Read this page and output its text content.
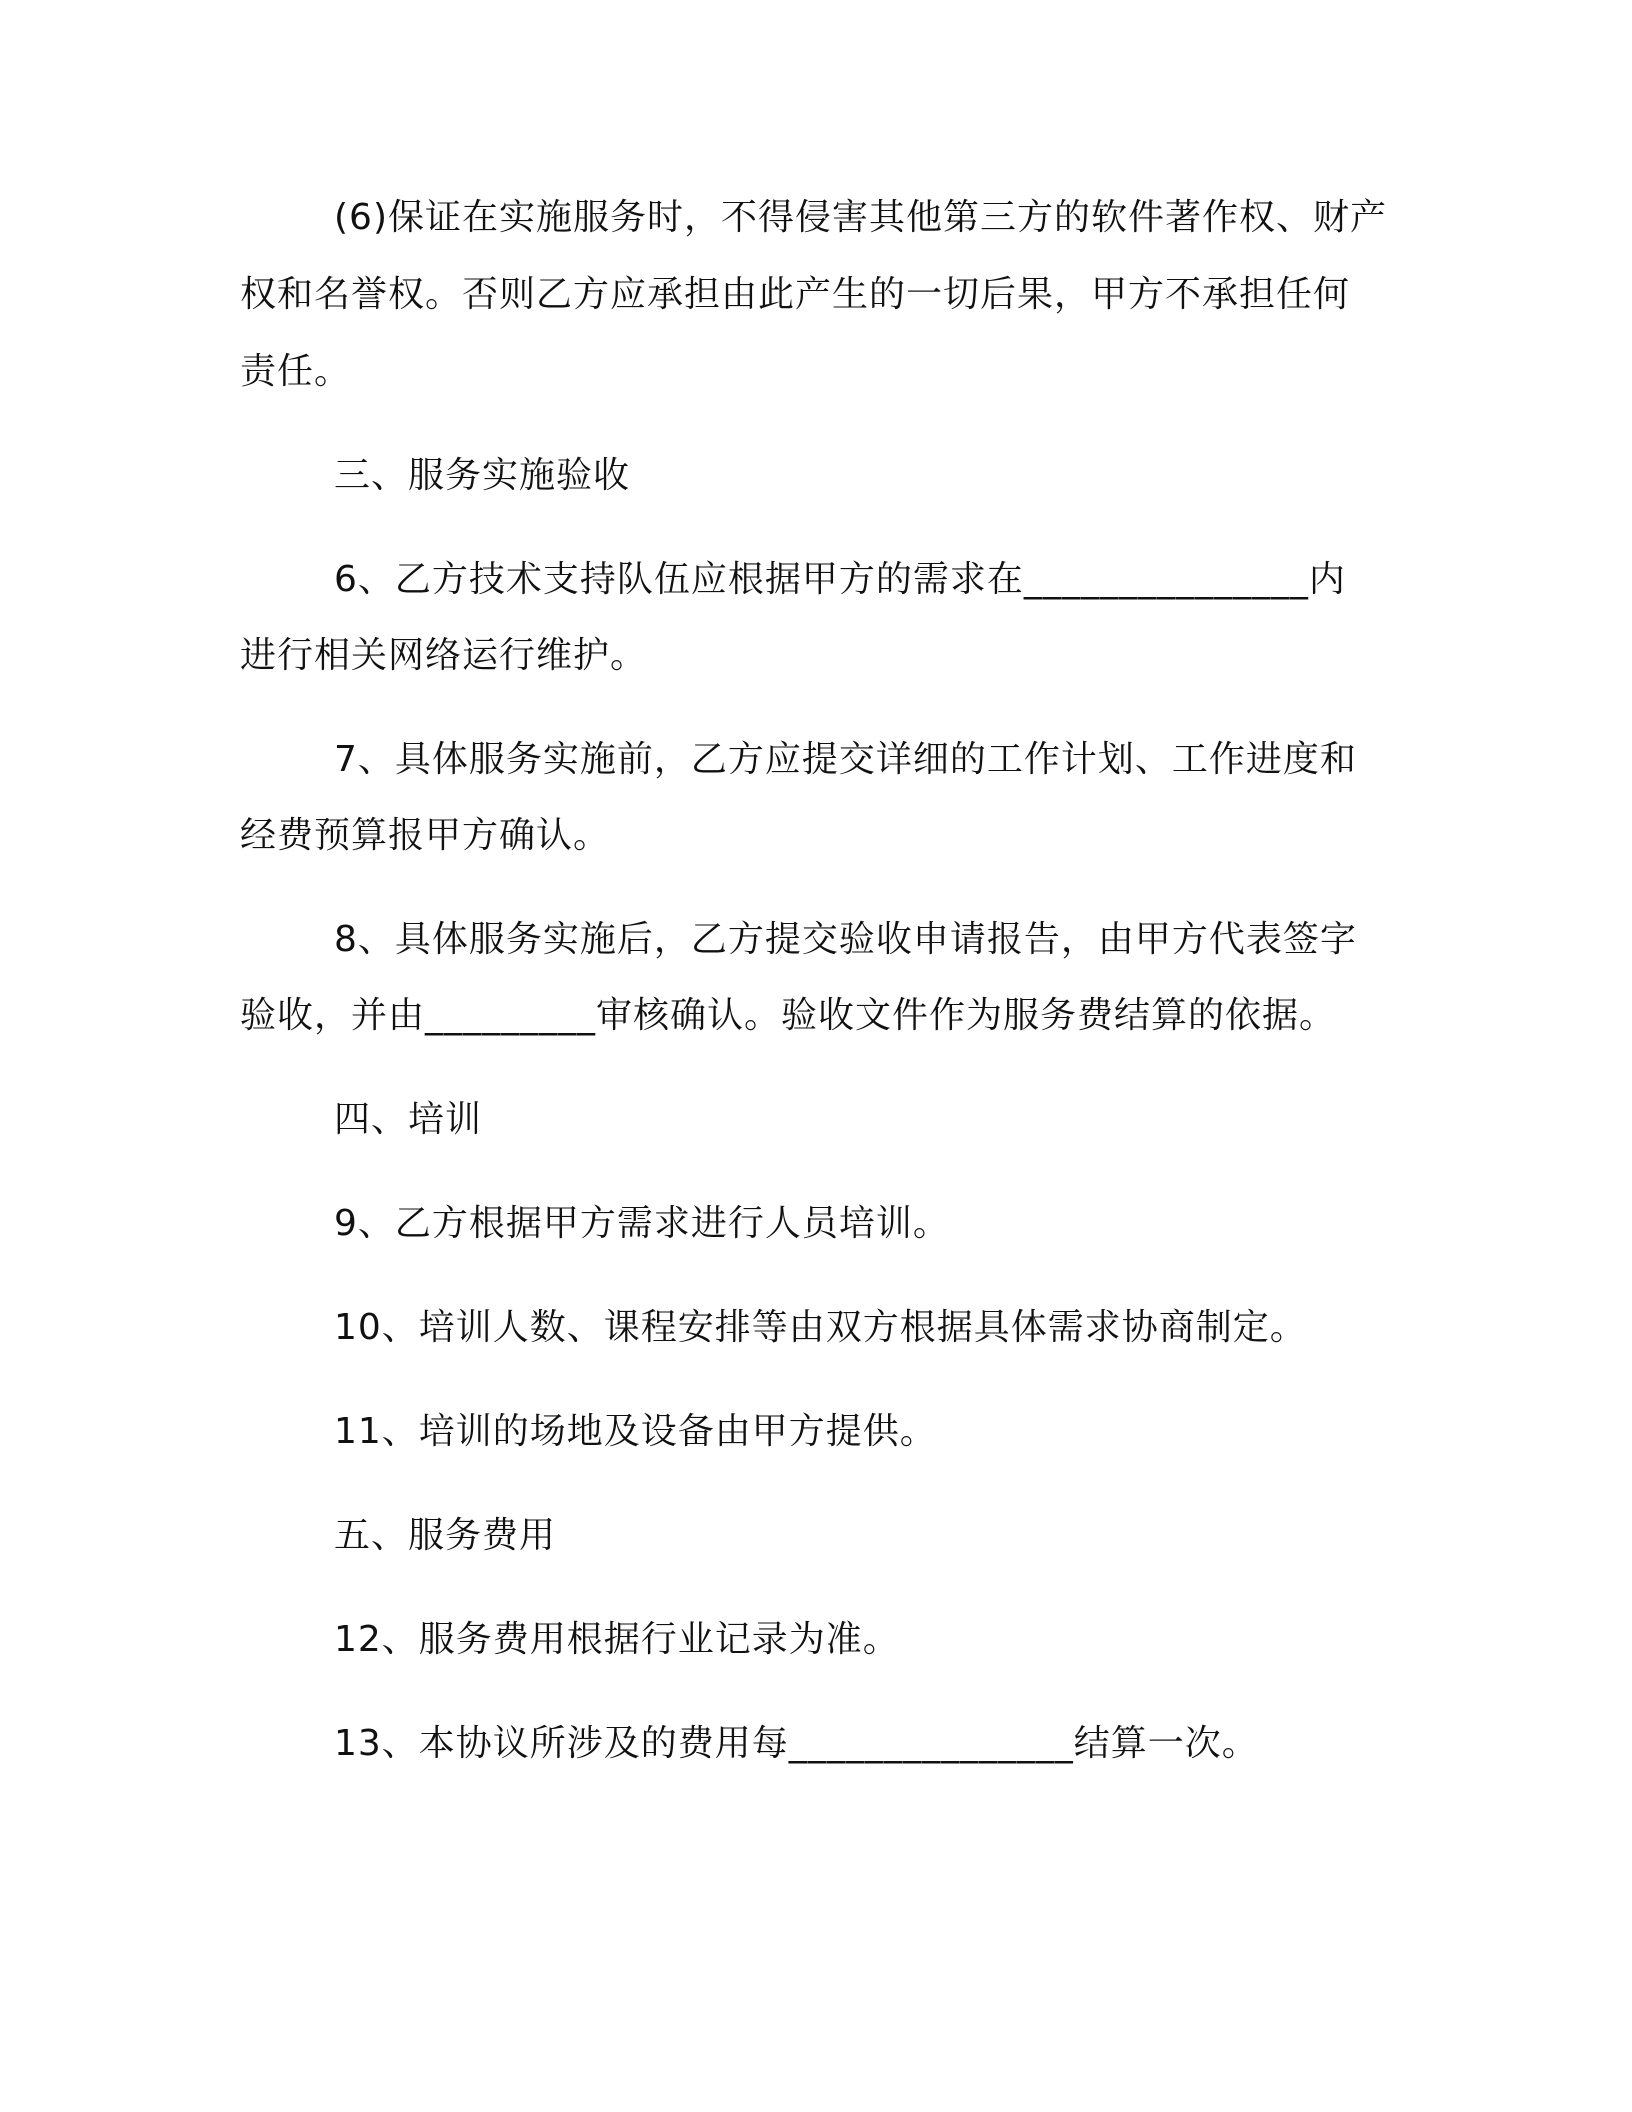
(6)保证在实施服务时，不得侵害其他第三方的软件著作权、财产
权和名誉权。否则乙方应承担由此产生的一切后果，甲方不承担任何
责任。
三、服务实施验收
6、乙方技术支持队伍应根据甲方的需求在_______________内
进行相关网络运行维护。
7、具体服务实施前，乙方应提交详细的工作计划、工作进度和
经费预算报甲方确认。
8、具体服务实施后，乙方提交验收申请报告，由甲方代表签字
验收，并由_________审核确认。验收文件作为服务费结算的依据。
四、培训
9、乙方根据甲方需求进行人员培训。
10、培训人数、课程安排等由双方根据具体需求协商制定。
11、培训的场地及设备由甲方提供。
五、服务费用
12、服务费用根据行业记录为准。
13、本协议所涉及的费用每_______________结算一次。
